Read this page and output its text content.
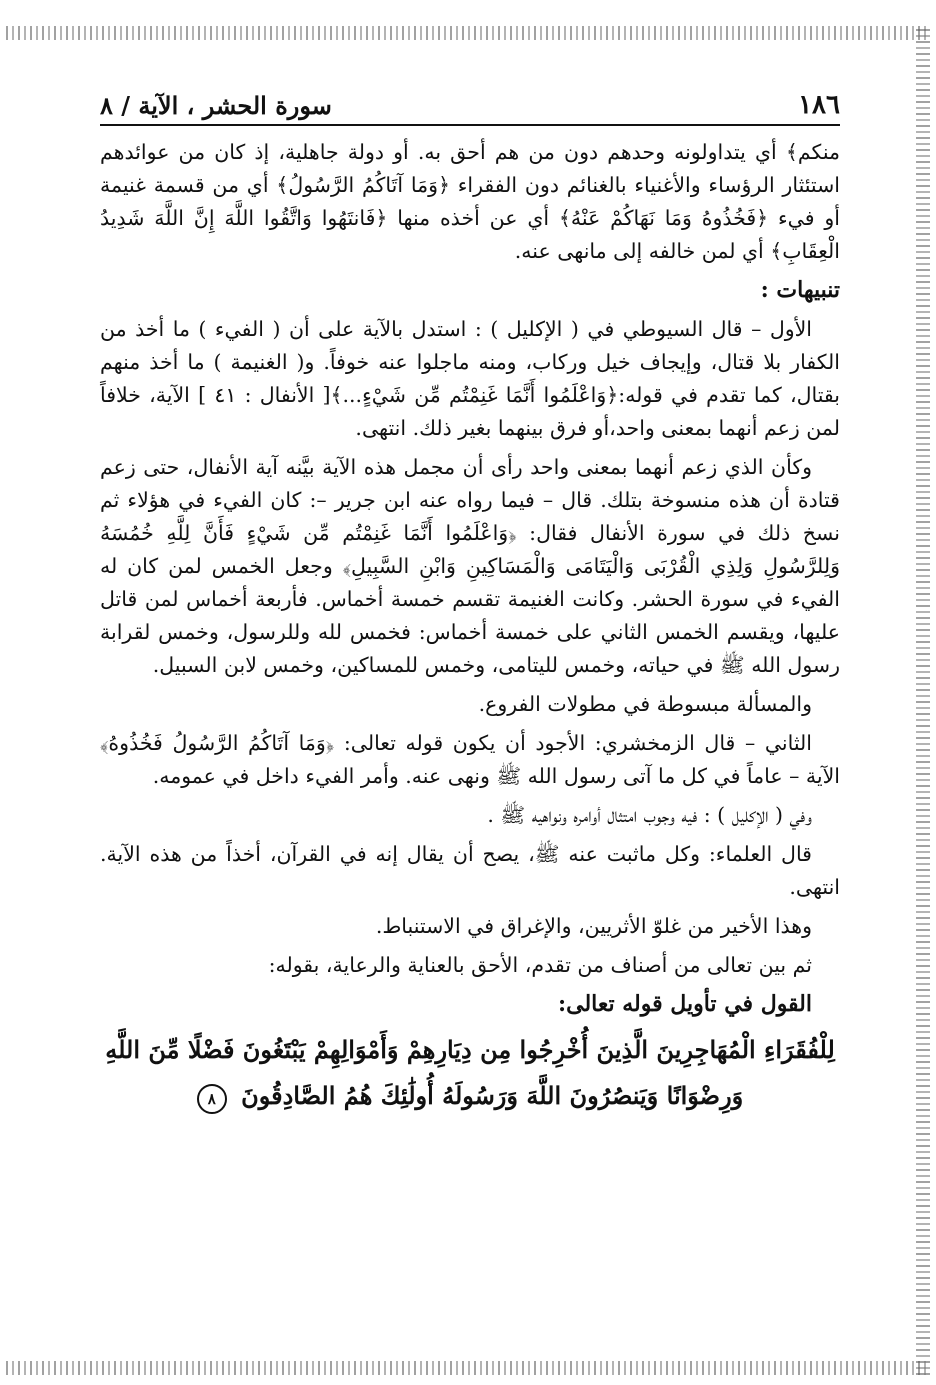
١٨٦
سورة الحشر ، الآية / ٨

منكم﴾ أي يتداولونه وحدهم دون من هم أحق به. أو دولة جاهلية، إذ كان من عوائدهم استئثار الرؤساء والأغنياء بالغنائم دون الفقراء ﴿وَمَا آتَاكُمُ الرَّسُولُ﴾ أي من قسمة غنيمة أو فيء ﴿فَخُذُوهُ وَمَا نَهَاكُمْ عَنْهُ﴾ أي عن أخذه منها ﴿فَانتَهُوا وَاتَّقُوا اللَّهَ إِنَّ اللَّهَ شَدِيدُ الْعِقَابِ﴾ أي لمن خالفه إلى مانهى عنه.

تنبيهات :

الأول – قال السيوطي في ( الإكليل ) : استدل بالآية على أن ( الفيء ) ما أخذ من الكفار بلا قتال، وإيجاف خيل وركاب، ومنه ماجلوا عنه خوفاً. و( الغنيمة ) ما أخذ منهم بقتال، كما تقدم في قوله:﴿وَاعْلَمُوا أَنَّمَا غَنِمْتُم مِّن شَيْءٍ...﴾[ الأنفال : ٤١ ] الآية، خلافاً لمن زعم أنهما بمعنى واحد،أو فرق بينهما بغير ذلك. انتهى.

وكأن الذي زعم أنهما بمعنى واحد رأى أن مجمل هذه الآية بيَّنه آية الأنفال، حتى زعم قتادة أن هذه منسوخة بتلك. قال – فيما رواه عنه ابن جرير –: كان الفيء في هؤلاء ثم نسخ ذلك في سورة الأنفال فقال: ﴿وَاعْلَمُوا أَنَّمَا غَنِمْتُم مِّن شَيْءٍ فَأَنَّ لِلَّهِ خُمُسَهُ وَلِلرَّسُولِ وَلِذِي الْقُرْبَى وَالْيَتَامَى وَالْمَسَاكِينِ وَابْنِ السَّبِيلِ﴾ وجعل الخمس لمن كان له الفيء في سورة الحشر. وكانت الغنيمة تقسم خمسة أخماس. فأربعة أخماس لمن قاتل عليها، ويقسم الخمس الثاني على خمسة أخماس: فخمس لله وللرسول، وخمس لقرابة رسول الله ﷺ في حياته، وخمس لليتامى، وخمس للمساكين، وخمس لابن السبيل.

والمسألة مبسوطة في مطولات الفروع.

الثاني – قال الزمخشري: الأجود أن يكون قوله تعالى: ﴿وَمَا آتَاكُمُ الرَّسُولُ فَخُذُوهُ﴾ الآية – عاماً في كل ما آتى رسول الله ﷺ ونهى عنه. وأمر الفيء داخل في عمومه.

وفي ( الإكليل ) : فيه وجوب امتثال أوامره ونواهيه ﷺ .

قال العلماء: وكل ماثبت عنه ﷺ، يصح أن يقال إنه في القرآن، أخذاً من هذه الآية. انتهى.

وهذا الأخير من غلوّ الأثريين، والإغراق في الاستنباط.

ثم بين تعالى من أصناف من تقدم، الأحق بالعناية والرعاية، بقوله:

القول في تأويل قوله تعالى:

لِلْفُقَرَاءِ الْمُهَاجِرِينَ الَّذِينَ أُخْرِجُوا مِن دِيَارِهِمْ وَأَمْوَالِهِمْ يَبْتَغُونَ فَضْلًا مِّنَ اللَّهِ
وَرِضْوَانًا وَيَنصُرُونَ اللَّهَ وَرَسُولَهُ أُولَٰئِكَ هُمُ الصَّادِقُونَ ٨
